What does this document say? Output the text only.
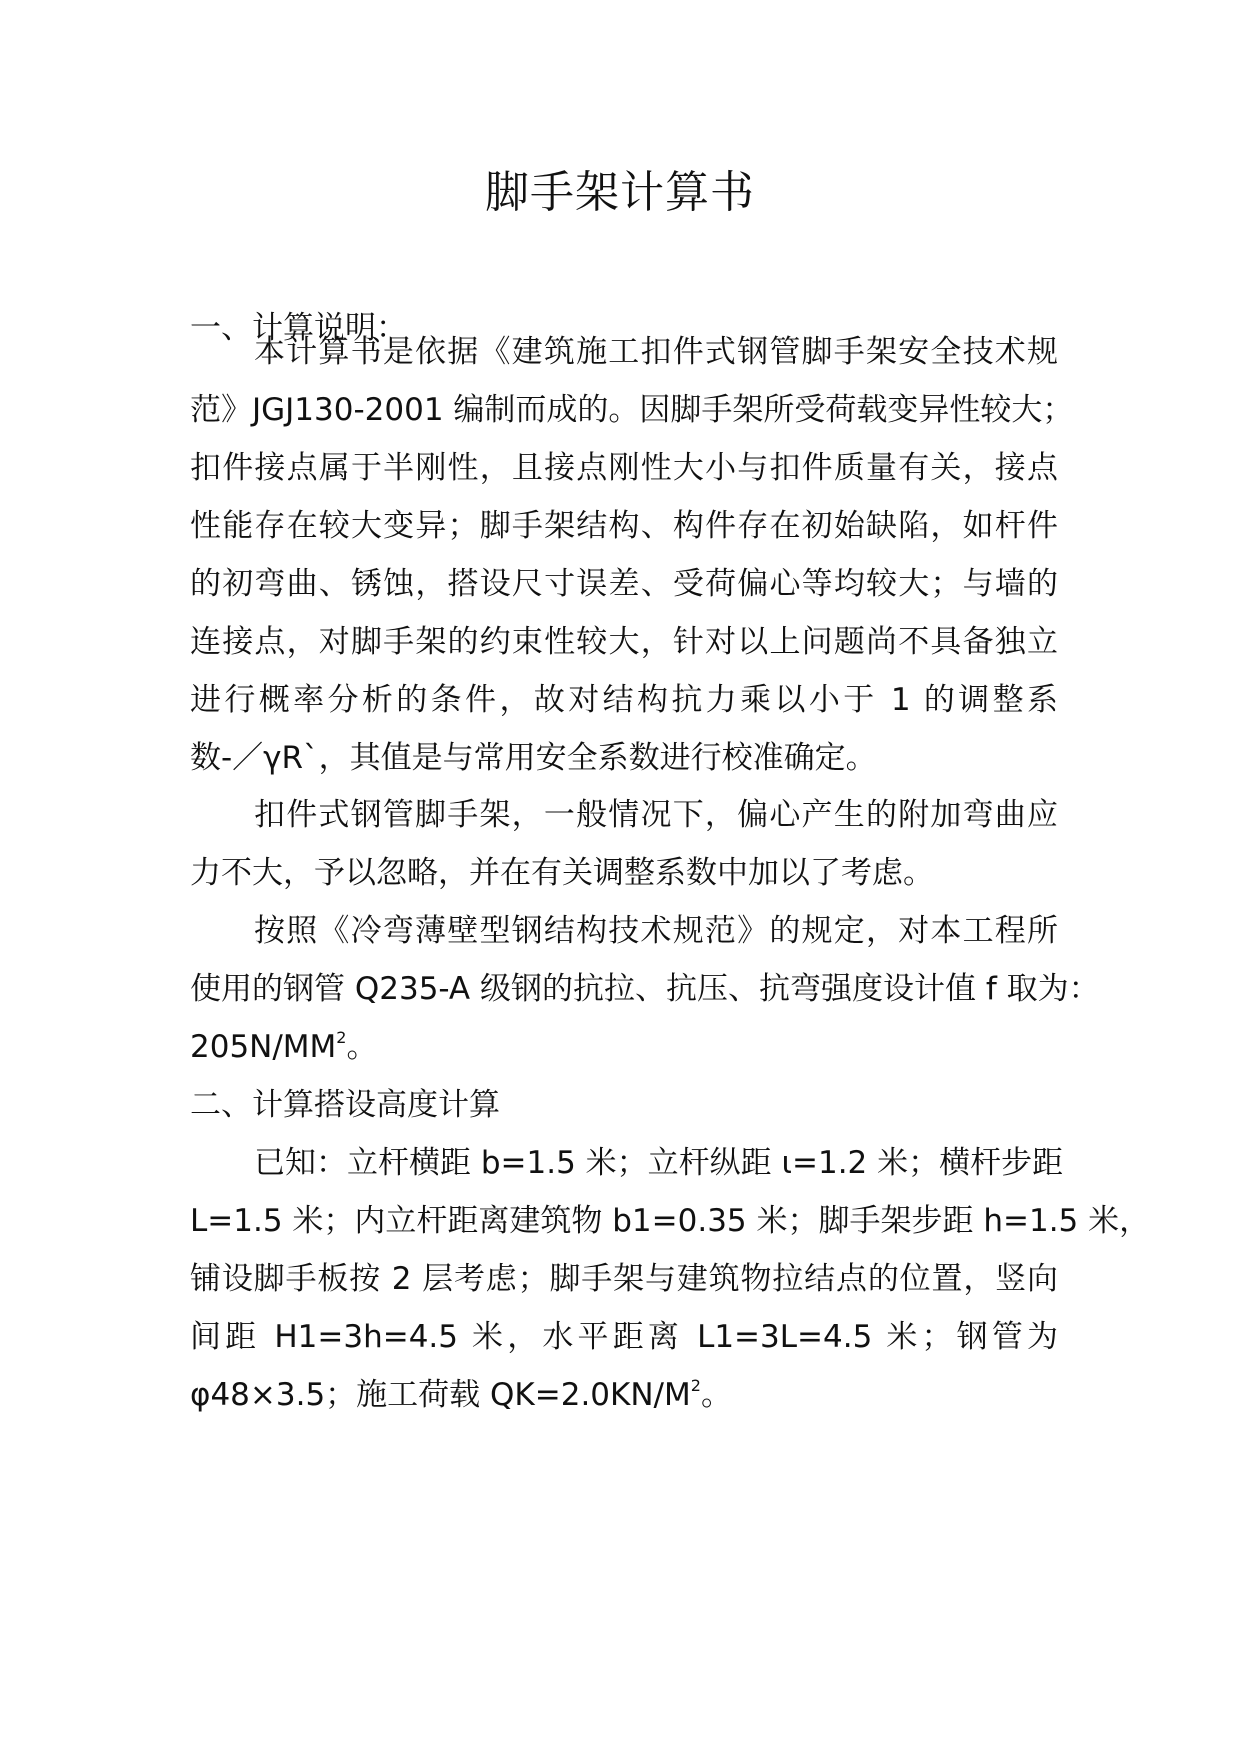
脚手架计算书
一、计算说明：
本计算书是依据《建筑施工扣件式钢管脚手架安全技术规
范》JGJ130-2001 编制而成的。因脚手架所受荷载变异性较大；
扣件接点属于半刚性，且接点刚性大小与扣件质量有关，接点
性能存在较大变异；脚手架结构、构件存在初始缺陷，如杆件
的初弯曲、锈蚀，搭设尺寸误差、受荷偏心等均较大；与墙的
连接点，对脚手架的约束性较大，针对以上问题尚不具备独立
进行概率分析的条件，故对结构抗力乘以小于 1 的调整系
数-／γR`，其值是与常用安全系数进行校准确定。
扣件式钢管脚手架，一般情况下，偏心产生的附加弯曲应
力不大，予以忽略，并在有关调整系数中加以了考虑。
按照《冷弯薄壁型钢结构技术规范》的规定，对本工程所
使用的钢管 Q235-A 级钢的抗拉、抗压、抗弯强度设计值 f 取为：
$205N/MM^2$。
二、计算搭设高度计算
已知：立杆横距 b=1.5 米；立杆纵距 ι=1.2 米；横杆步距
L=1.5 米；内立杆距离建筑物 b1=0.35 米；脚手架步距 h=1.5 米，
铺设脚手板按 2 层考虑；脚手架与建筑物拉结点的位置，竖向
间距 H1=3h=4.5 米，水平距离 L1=3L=4.5 米；钢管为
φ48×3.5；施工荷载 $QK=2.0KN/M^2$。
